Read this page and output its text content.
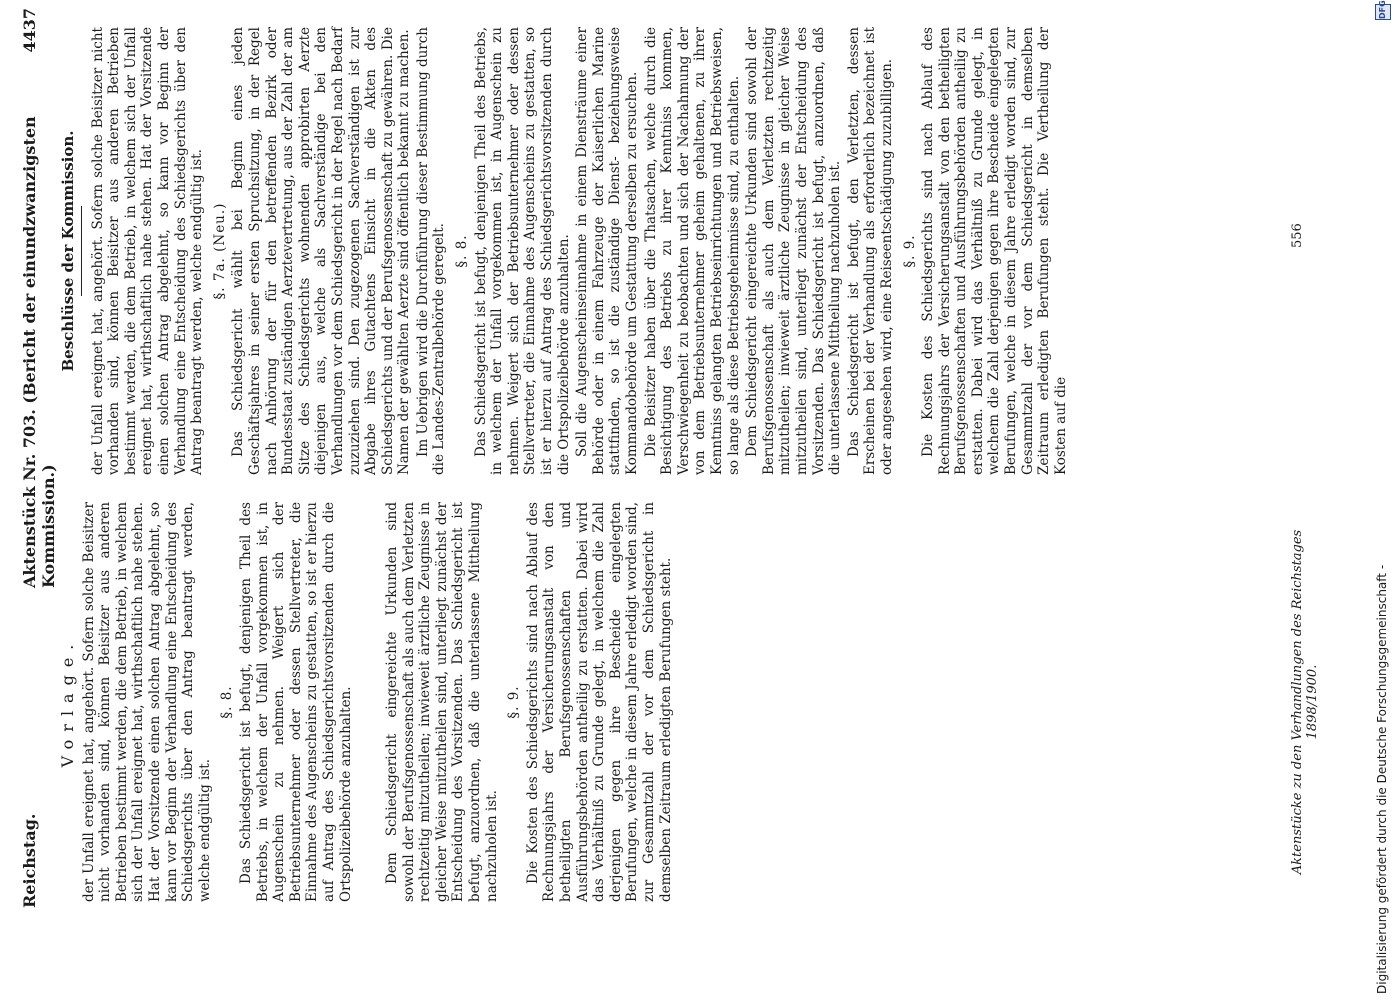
Reichstag.
Aktenstück Nr. 703. (Bericht der einundzwanzigsten Kommission.)
4437
Vorlage. der Unfall ereignet hat, angehört. Sofern solche Beisitzer nicht vorhanden sind, können Beisitzer aus anderen Betrieben bestimmt werden, die dem Betrieb, in welchem sich der Unfall ereignet hat, wirthschaftlich nahe stehen. Hat der Vorsitzende einen solchen Antrag abgelehnt, so kann vor Beginn der Verhandlung eine Entscheidung des Schiedsgerichts über den Antrag beantragt werden, welche endgültig ist.

§. 8. Das Schiedsgericht ist befugt, denjenigen Theil des Betriebs, in welchem der Unfall vorgekommen ist, in Augenschein zu nehmen. Weigert sich der Betriebsunternehmer oder dessen Stellvertreter, die Einnahme des Augenscheins zu gestatten, so ist er hierzu auf Antrag des Schiedsgerichtsvorsitzenden durch die Ortspolizeibehörde anzuhalten. Dem Schiedsgericht eingereichte Urkunden sind sowohl der Berufsgenossenschaft als auch dem Verletzten rechtzeitig mitzutheilen; inwieweit ärztliche Zeugnisse in gleicher Weise mitzutheilen sind, unterliegt zunächst der Entscheidung des Vorsitzenden. Das Schiedsgericht ist befugt, anzuordnen, daß die unterlassene Mittheilung nachzuholen ist.

§. 9. Die Kosten des Schiedsgerichts sind nach Ablauf des Rechnungsjahrs der Versicherungsanstalt von den betheiligten Berufsgenossenschaften und Ausführungsbehörden antheilig zu erstatten. Dabei wird das Verhältniß zu Grunde gelegt, in welchem die Zahl derjenigen gegen ihre Bescheide eingelegten Berufungen, welche in diesem Jahre erledigt worden sind, zur Gesammtzahl der vor dem Schiedsgericht in demselben Zeitraum erledigten Berufungen steht.

Beschlüsse der Kommission. der Unfall ereignet hat, angehört. Sofern solche Beisitzer nicht vorhanden sind, können Beisitzer aus anderen Betrieben bestimmt werden, die dem Betrieb, in welchem sich der Unfall ereignet hat, wirthschaftlich nahe stehen. Hat der Vorsitzende einen solchen Antrag abgelehnt, so kann vor Beginn der Verhandlung eine Entscheidung des Schiedsgerichts über den Antrag beantragt werden, welche endgültig ist. §. 7a. (Neu.) Das Schiedsgericht wählt bei Beginn eines jeden Geschäftsjahres in seiner ersten Spruchsitzung, in der Regel nach Anhörung der für den betreffenden Bezirk oder Bundesstaat zuständigen Aerztevertretung, aus der Zahl der am Sitze des Schiedsgerichts wohnenden approbirten Aerzte diejenigen aus, welche als Sachverständige bei den Verhandlungen vor dem Schiedsgericht in der Regel nach Bedarf zuzuziehen sind. Den zugezogenen Sachverständigen ist zur Abgabe ihres Gutachtens Einsicht in die Akten des Schiedsgerichts und der Berufsgenossenschaft zu gewähren. Die Namen der gewählten Aerzte sind öffentlich bekannt zu machen. Im Uebrigen wird die Durchführung dieser Bestimmung durch die Landes-Zentralbehörde geregelt. §. 8. Das Schiedsgericht ist befugt, denjenigen Theil des Betriebs, in welchem der Unfall vorgekommen ist, in Augenschein zu nehmen. Weigert sich der Betriebsunternehmer oder dessen Stellvertreter, die Einnahme des Augenscheins zu gestatten, so ist er hierzu auf Antrag des Schiedsgerichtsvorsitzenden durch die Ortspolizeibehörde anzuhalten. Soll die Augenscheinseinnahme in einem Diensträume einer Behörde oder in einem Fahrzeuge der Kaiserlichen Marine stattfinden, so ist die zuständige Dienst- beziehungsweise Kommandobehörde um Gestattung derselben zu ersuchen. Die Beisitzer haben über die Thatsachen, welche durch die Besichtigung des Betriebs zu ihrer Kenntniss kommen, Verschwiegenheit zu beobachten und sich der Nachahmung der von dem Betriebsunternehmer geheim gehaltenen, zu ihrer Kenntniss gelangten Betriebseinrichtungen und Betriebsweisen, so lange als diese Betriebsgeheimnisse sind, zu enthalten. Dem Schiedsgericht eingereichte Urkunden sind sowohl der Berufsgenossenschaft als auch dem Verletzten rechtzeitig mitzutheilen; inwieweit ärztliche Zeugnisse in gleicher Weise mitzutheilen sind, unterliegt zunächst der Entscheidung des Vorsitzenden. Das Schiedsgericht ist befugt, anzuordnen, daß die unterlassene Mittheilung nachzuholen ist. Das Schiedsgericht ist befugt, den Verletzten, dessen Erscheinen bei der Verhandlung als erforderlich bezeichnet ist oder angesehen wird, eine Reiseentschädigung zuzubilligen. §. 9. Die Kosten des Schiedsgerichts sind nach Ablauf des Rechnungsjahrs der Versicherungsanstalt von den betheiligten Berufsgenossenschaften und Ausführungsbehörden antheilig zu erstatten. Dabei wird das Verhältniß zu Grunde gelegt, in welchem die Zahl derjenigen gegen ihre Bescheide eingelegten Berufungen, welche in diesem Jahre erledigt worden sind, zur Gesammtzahl der vor dem Schiedsgericht in demselben Zeitraum erledigten Berufungen steht. Die Vertheilung der Kosten auf die

Aktenstücke zu den Verhandlungen des Reichstages 1898/1900.
556
Digitalisierung gefördert durch die Deutsche Forschungsgemeinschaft -
DFG
